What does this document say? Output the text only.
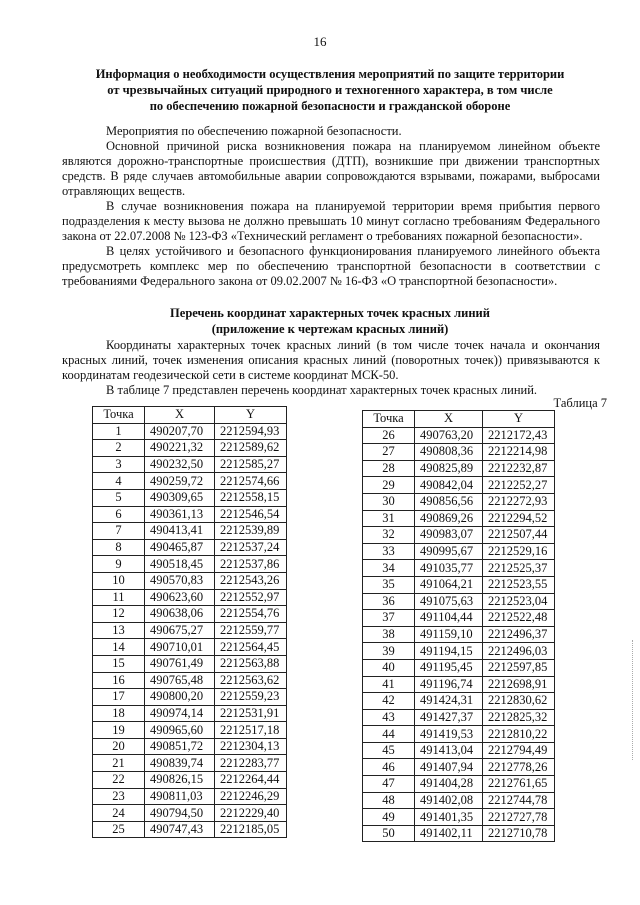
16
Информация о необходимости осуществления мероприятий по защите территории
от чрезвычайных ситуаций природного и техногенного характера, в том числе
по обеспечению пожарной безопасности и гражданской обороне
Мероприятия по обеспечению пожарной безопасности.
Основной причиной риска возникновения пожара на планируемом линейном объекте являются дорожно-транспортные происшествия (ДТП), возникшие при движении транспортных средств. В ряде случаев автомобильные аварии сопровождаются взрывами, пожарами, выбросами отравляющих веществ.
В случае возникновения пожара на планируемой территории время прибытия первого подразделения к месту вызова не должно превышать 10 минут согласно требованиям Федерального закона от 22.07.2008 № 123-ФЗ «Технический регламент о требованиях пожарной безопасности».
В целях устойчивого и безопасного функционирования планируемого линейного объекта предусмотреть комплекс мер по обеспечению транспортной безопасности в соответствии с требованиями Федерального закона от 09.02.2007 № 16-ФЗ «О транспортной безопасности».
Перечень координат характерных точек красных линий
(приложение к чертежам красных линий)
Координаты характерных точек красных линий (в том числе точек начала и окончания красных линий, точек изменения описания красных линий (поворотных точек)) привязываются к координатам геодезической сети в системе координат МСК-50.
В таблице 7 представлен перечень координат характерных точек красных линий.
Таблица 7
Точка	X	Y
1	490207,70	2212594,93
2	490221,32	2212589,62
3	490232,50	2212585,27
4	490259,72	2212574,66
5	490309,65	2212558,15
6	490361,13	2212546,54
7	490413,41	2212539,89
8	490465,87	2212537,24
9	490518,45	2212537,86
10	490570,83	2212543,26
11	490623,60	2212552,97
12	490638,06	2212554,76
13	490675,27	2212559,77
14	490710,01	2212564,45
15	490761,49	2212563,88
16	490765,48	2212563,62
17	490800,20	2212559,23
18	490974,14	2212531,91
19	490965,60	2212517,18
20	490851,72	2212304,13
21	490839,74	2212283,77
22	490826,15	2212264,44
23	490811,03	2212246,29
24	490794,50	2212229,40
25	490747,43	2212185,05
Точка	X	Y
26	490763,20	2212172,43
27	490808,36	2212214,98
28	490825,89	2212232,87
29	490842,04	2212252,27
30	490856,56	2212272,93
31	490869,26	2212294,52
32	490983,07	2212507,44
33	490995,67	2212529,16
34	491035,77	2212525,37
35	491064,21	2212523,55
36	491075,63	2212523,04
37	491104,44	2212522,48
38	491159,10	2212496,37
39	491194,15	2212496,03
40	491195,45	2212597,85
41	491196,74	2212698,91
42	491424,31	2212830,62
43	491427,37	2212825,32
44	491419,53	2212810,22
45	491413,04	2212794,49
46	491407,94	2212778,26
47	491404,28	2212761,65
48	491402,08	2212744,78
49	491401,35	2212727,78
50	491402,11	2212710,78
